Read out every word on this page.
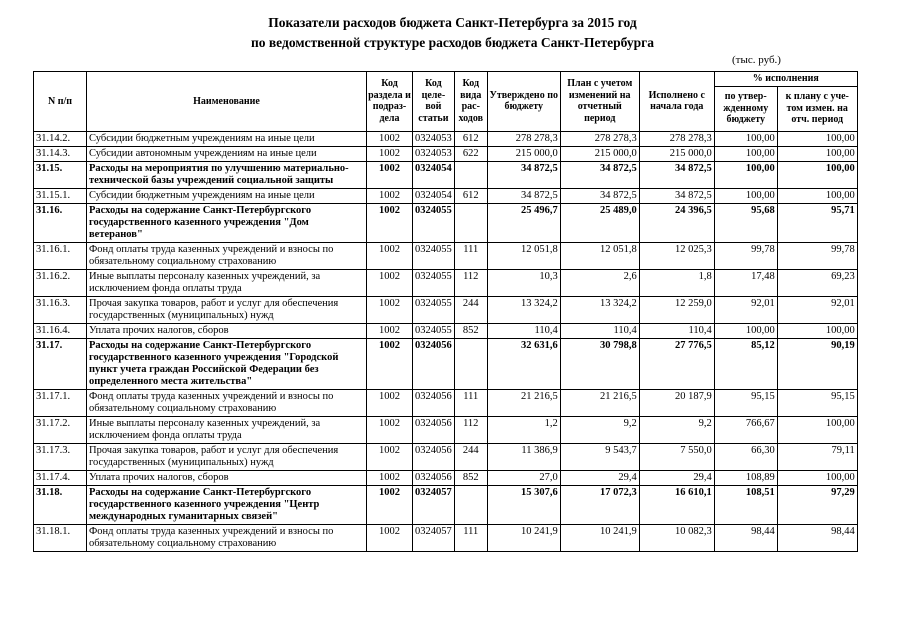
Показатели расходов бюджета Санкт-Петербурга за 2015 год
по ведомственной структуре расходов бюджета Санкт-Петербурга
(тыс. руб.)
N п/п	Наименование	Код раздела и подраз-дела	Код целе-вой статьи	Код вида рас-ходов	Утверждено по бюджету	План с учетом изменений на отчетный период	Исполнено с начала года	% исполнения	
								по утвер-жденному бюджету	к плану с уче-том измен. на отч. период
31.14.2.	Субсидии бюджетным учреждениям на иные цели	1002	0324053	612	278 278,3	278 278,3	278 278,3	100,00	100,00
31.14.3.	Субсидии автономным учреждениям на иные цели	1002	0324053	622	215 000,0	215 000,0	215 000,0	100,00	100,00
31.15.	Расходы на мероприятия по улучшению материально-технической базы учреждений социальной защиты	1002	0324054		34 872,5	34 872,5	34 872,5	100,00	100,00
31.15.1.	Субсидии бюджетным учреждениям на иные цели	1002	0324054	612	34 872,5	34 872,5	34 872,5	100,00	100,00
31.16.	Расходы на содержание Санкт-Петербургского государственного казенного учреждения "Дом ветеранов"	1002	0324055		25 496,7	25 489,0	24 396,5	95,68	95,71
31.16.1.	Фонд оплаты труда казенных учреждений и взносы по обязательному социальному страхованию	1002	0324055	111	12 051,8	12 051,8	12 025,3	99,78	99,78
31.16.2.	Иные выплаты персоналу казенных учреждений, за исключением фонда оплаты труда	1002	0324055	112	10,3	2,6	1,8	17,48	69,23
31.16.3.	Прочая закупка товаров, работ и услуг для обеспечения государственных (муниципальных) нужд	1002	0324055	244	13 324,2	13 324,2	12 259,0	92,01	92,01
31.16.4.	Уплата прочих налогов, сборов	1002	0324055	852	110,4	110,4	110,4	100,00	100,00
31.17.	Расходы на содержание Санкт-Петербургского государственного казенного учреждения "Городской пункт учета граждан Российской Федерации без определенного места жительства"	1002	0324056		32 631,6	30 798,8	27 776,5	85,12	90,19
31.17.1.	Фонд оплаты труда казенных учреждений и взносы по обязательному социальному страхованию	1002	0324056	111	21 216,5	21 216,5	20 187,9	95,15	95,15
31.17.2.	Иные выплаты персоналу казенных учреждений, за исключением фонда оплаты труда	1002	0324056	112	1,2	9,2	9,2	766,67	100,00
31.17.3.	Прочая закупка товаров, работ и услуг для обеспечения государственных (муниципальных) нужд	1002	0324056	244	11 386,9	9 543,7	7 550,0	66,30	79,11
31.17.4.	Уплата прочих налогов, сборов	1002	0324056	852	27,0	29,4	29,4	108,89	100,00
31.18.	Расходы на содержание Санкт-Петербургского государственного казенного учреждения "Центр международных гуманитарных связей"	1002	0324057		15 307,6	17 072,3	16 610,1	108,51	97,29
31.18.1.	Фонд оплаты труда казенных учреждений и взносы по обязательному социальному страхованию	1002	0324057	111	10 241,9	10 241,9	10 082,3	98,44	98,44
